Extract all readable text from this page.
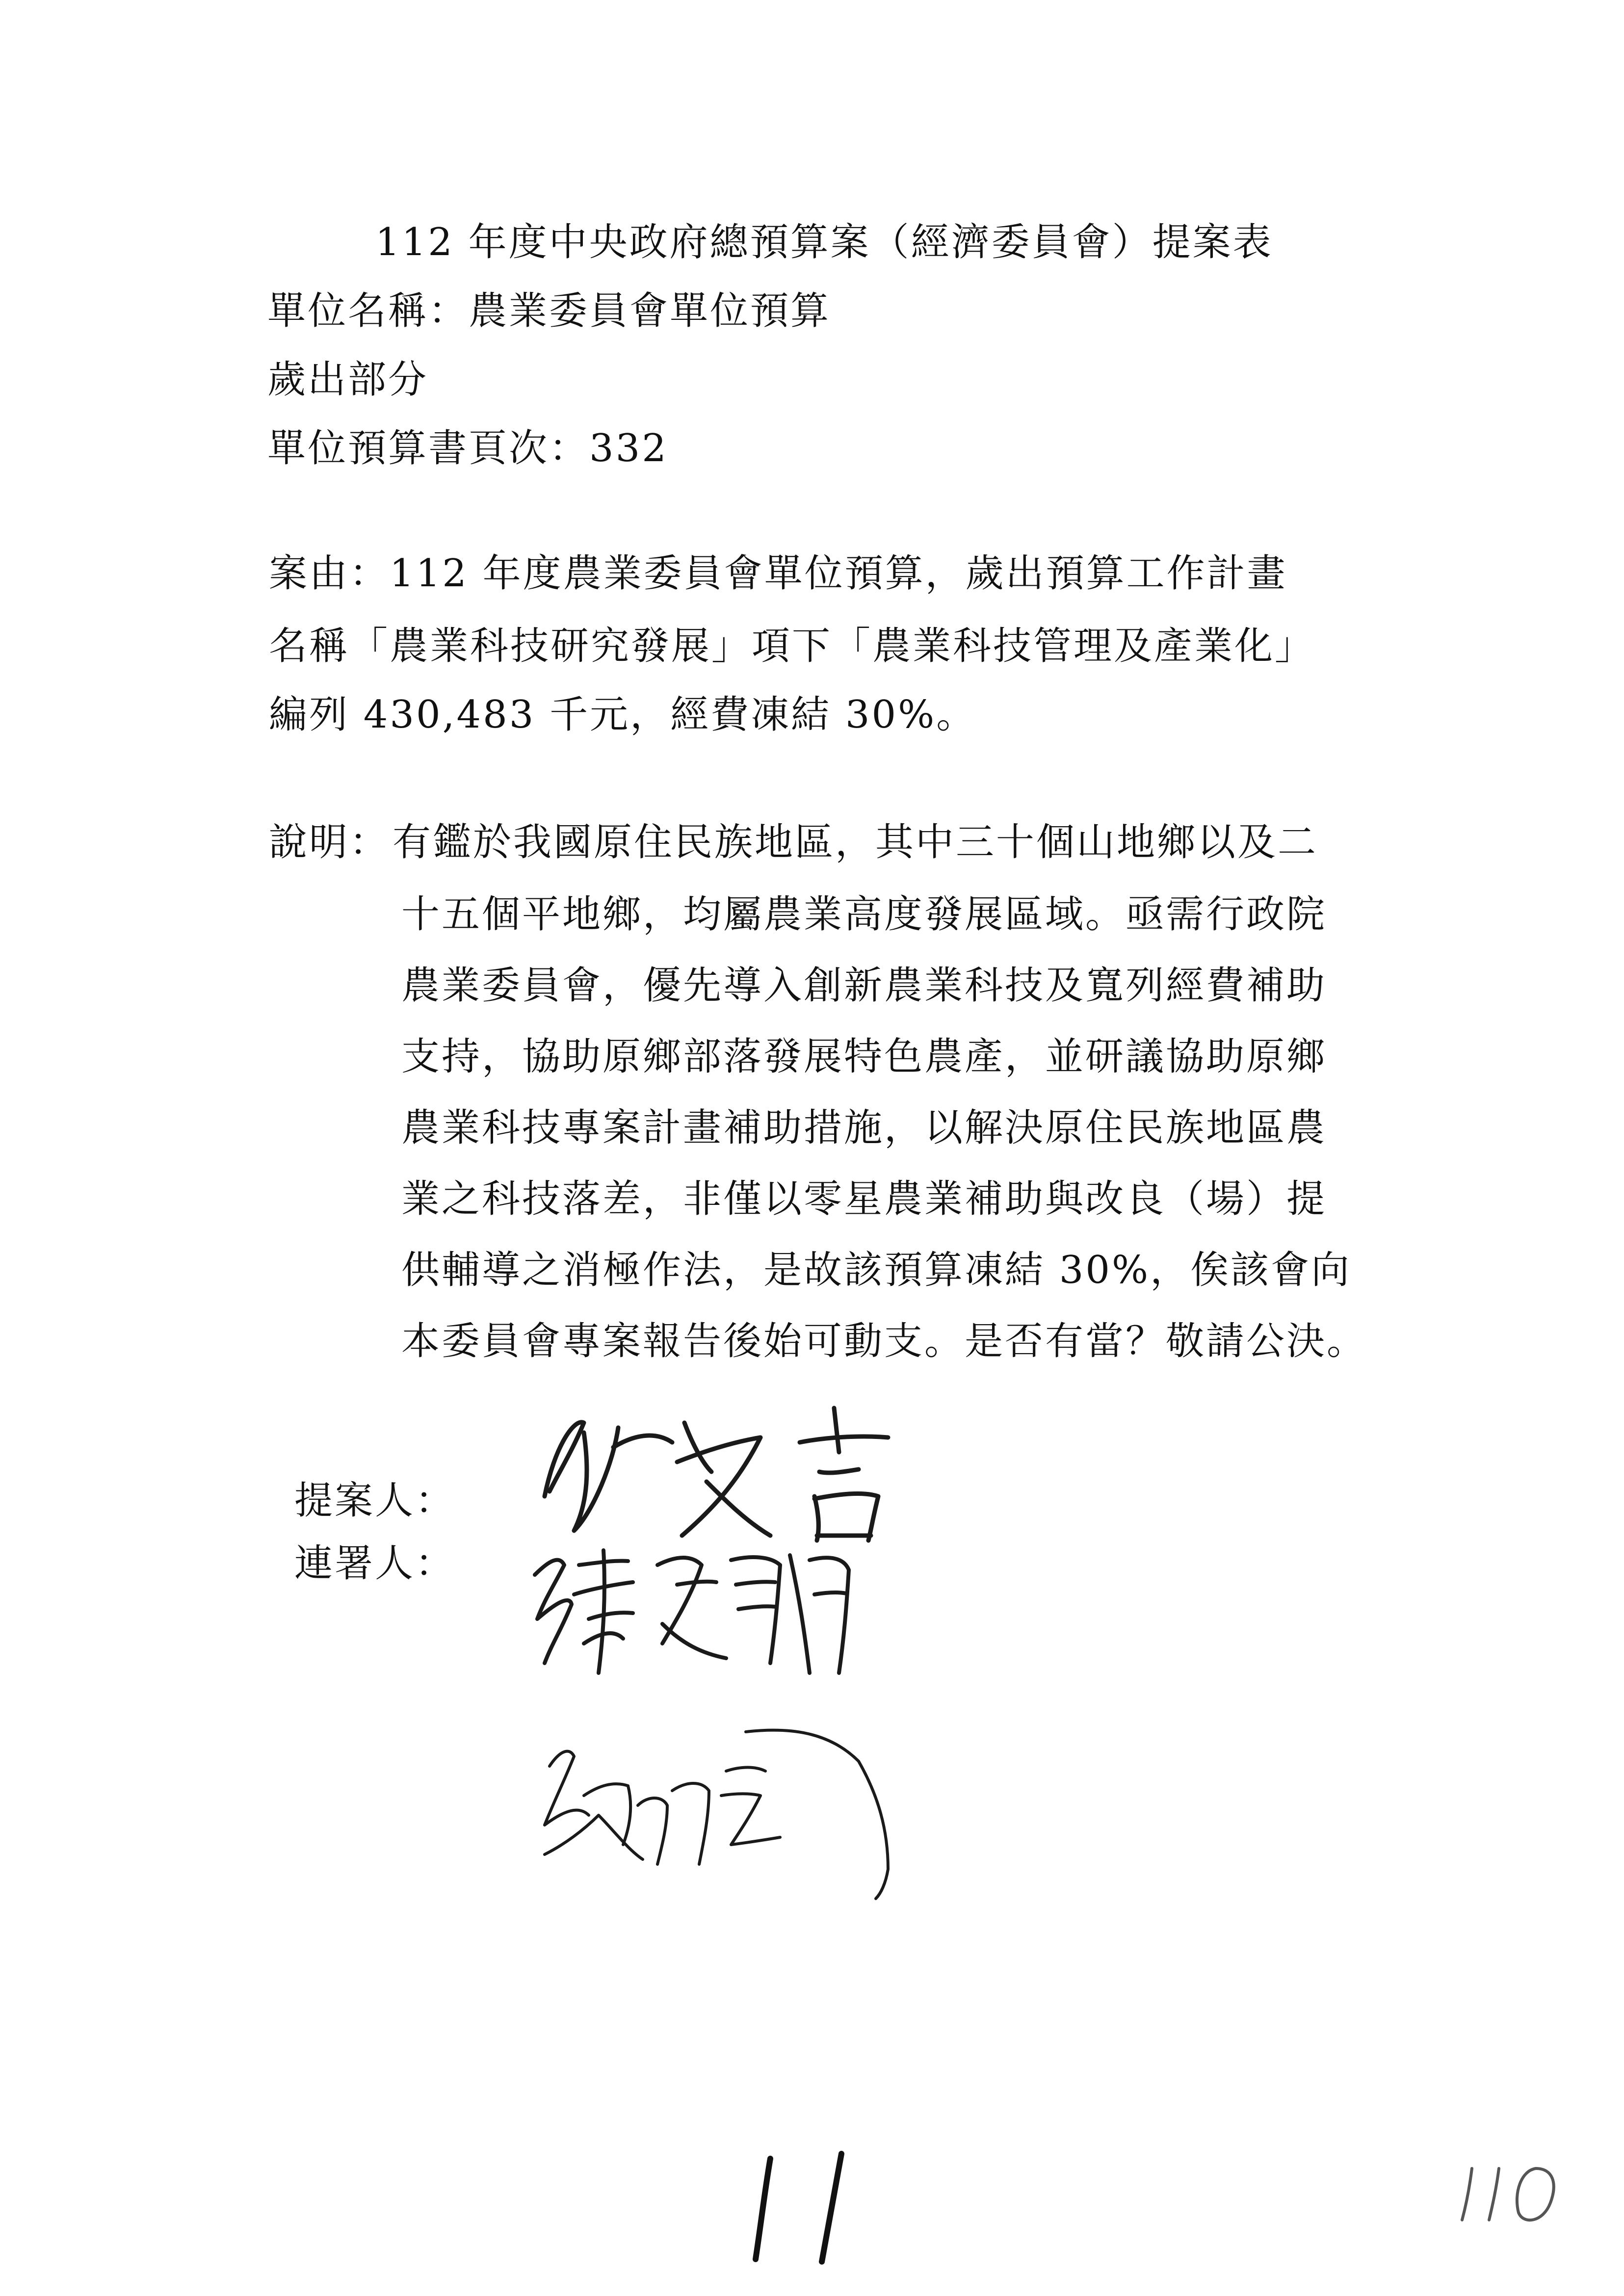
112 年度中央政府總預算案（經濟委員會）提案表
單位名稱：農業委員會單位預算
歲出部分
單位預算書頁次：332
案由：112 年度農業委員會單位預算，歲出預算工作計畫
名稱「農業科技研究發展」項下「農業科技管理及產業化」
編列 430,483 千元，經費凍結 30%。
說明： 有鑑於我國原住民族地區，其中三十個山地鄉以及二
十五個平地鄉，均屬農業高度發展區域。亟需行政院
農業委員會，優先導入創新農業科技及寬列經費補助
支持，協助原鄉部落發展特色農產，並研議協助原鄉
農業科技專案計畫補助措施，以解決原住民族地區農
業之科技落差，非僅以零星農業補助與改良（場）提
供輔導之消極作法，是故該預算凍結 30%，俟該會向
本委員會專案報告後始可動支。是否有當？敬請公決。
提案人：
連署人：
